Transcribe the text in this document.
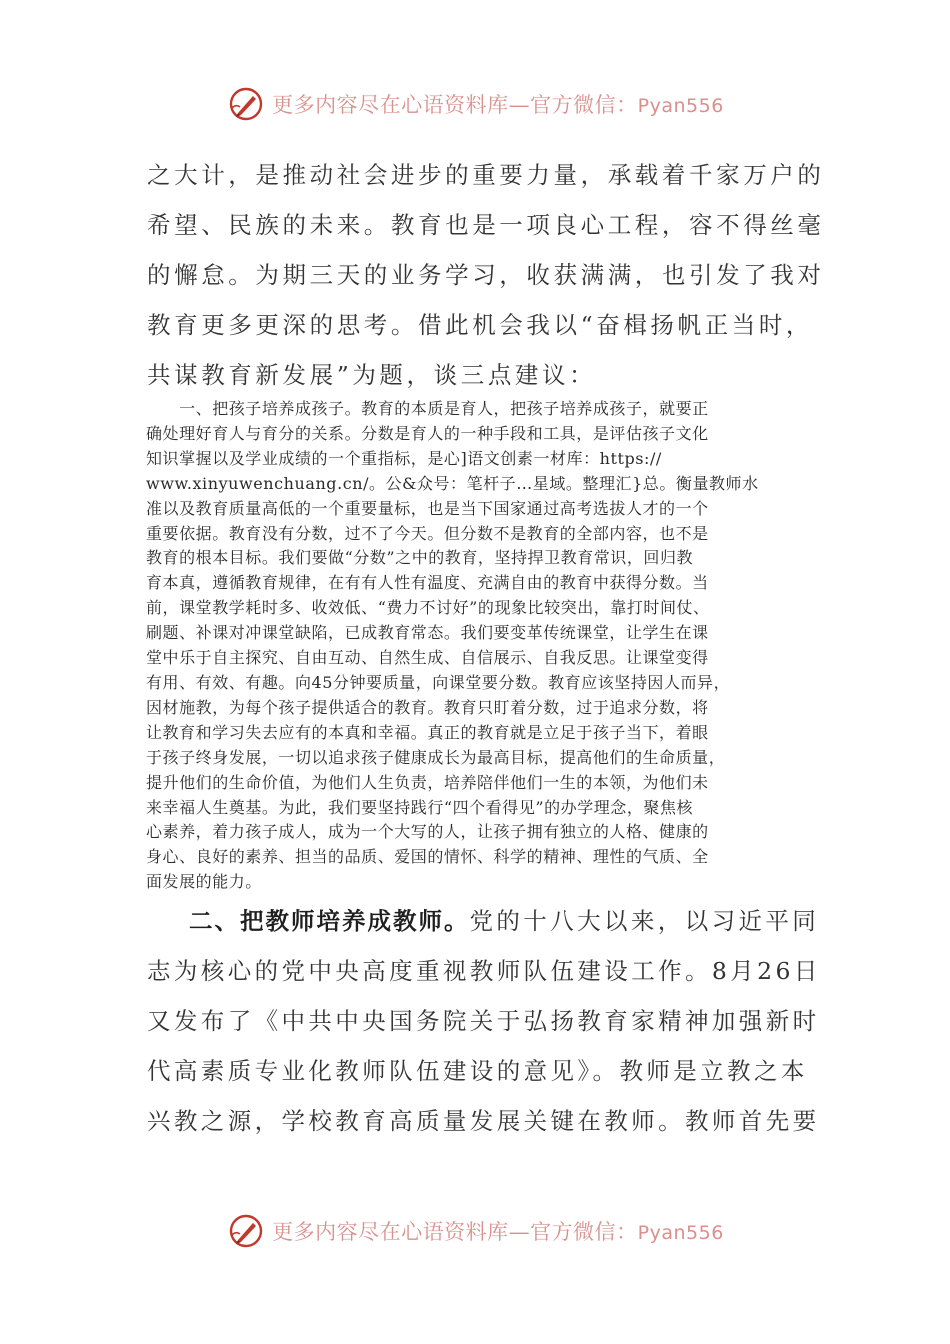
更多内容尽在心语资料库—官方微信：Pyan556

之大计，是推动社会进步的重要力量，承载着千家万户的

希望、民族的未来。教育也是一项良心工程，容不得丝毫

的懈怠。为期三天的业务学习，收获满满，也引发了我对

教育更多更深的思考。借此机会我以“奋楫扬帆正当时，

共谋教育新发展”为题，谈三点建议：

　　一、把孩子培养成孩子。教育的本质是育人，把孩子培养成孩子，就要正

确处理好育人与育分的关系。分数是育人的一种手段和工具，是评估孩子文化

知识掌握以及学业成绩的一个重指标，是心]语文创素一材库：https://

www.xinyuwenchuang.cn/。公&众号：笔杆子…星域。整理汇}总。衡量教师水

准以及教育质量高低的一个重要量标，也是当下国家通过高考选拔人才的一个

重要依据。教育没有分数，过不了今天。但分数不是教育的全部内容，也不是

教育的根本目标。我们要做“分数”之中的教育，坚持捍卫教育常识，回归教

育本真，遵循教育规律，在有有人性有温度、充满自由的教育中获得分数。当

前，课堂教学耗时多、收效低、“费力不讨好”的现象比较突出，靠打时间仗、

刷题、补课对冲课堂缺陷，已成教育常态。我们要变革传统课堂，让学生在课

堂中乐于自主探究、自由互动、自然生成、自信展示、自我反思。让课堂变得

有用、有效、有趣。向45分钟要质量，向课堂要分数。教育应该坚持因人而异，

因材施教，为每个孩子提供适合的教育。教育只盯着分数，过于追求分数，将

让教育和学习失去应有的本真和幸福。真正的教育就是立足于孩子当下，着眼

于孩子终身发展，一切以追求孩子健康成长为最高目标，提高他们的生命质量，

提升他们的生命价值，为他们人生负责，培养陪伴他们一生的本领，为他们未

来幸福人生奠基。为此，我们要坚持践行“四个看得见”的办学理念，聚焦核

心素养，着力孩子成人，成为一个大写的人，让孩子拥有独立的人格、健康的

身心、良好的素养、担当的品质、爱国的情怀、科学的精神、理性的气质、全

面发展的能力。

二、把教师培养成教师。党的十八大以来，以习近平同

志为核心的党中央高度重视教师队伍建设工作。8月26日

又发布了《中共中央国务院关于弘扬教育家精神加强新时

代高素质专业化教师队伍建设的意见》。教师是立教之本

兴教之源，学校教育高质量发展关键在教师。教师首先要

更多内容尽在心语资料库—官方微信：Pyan556
